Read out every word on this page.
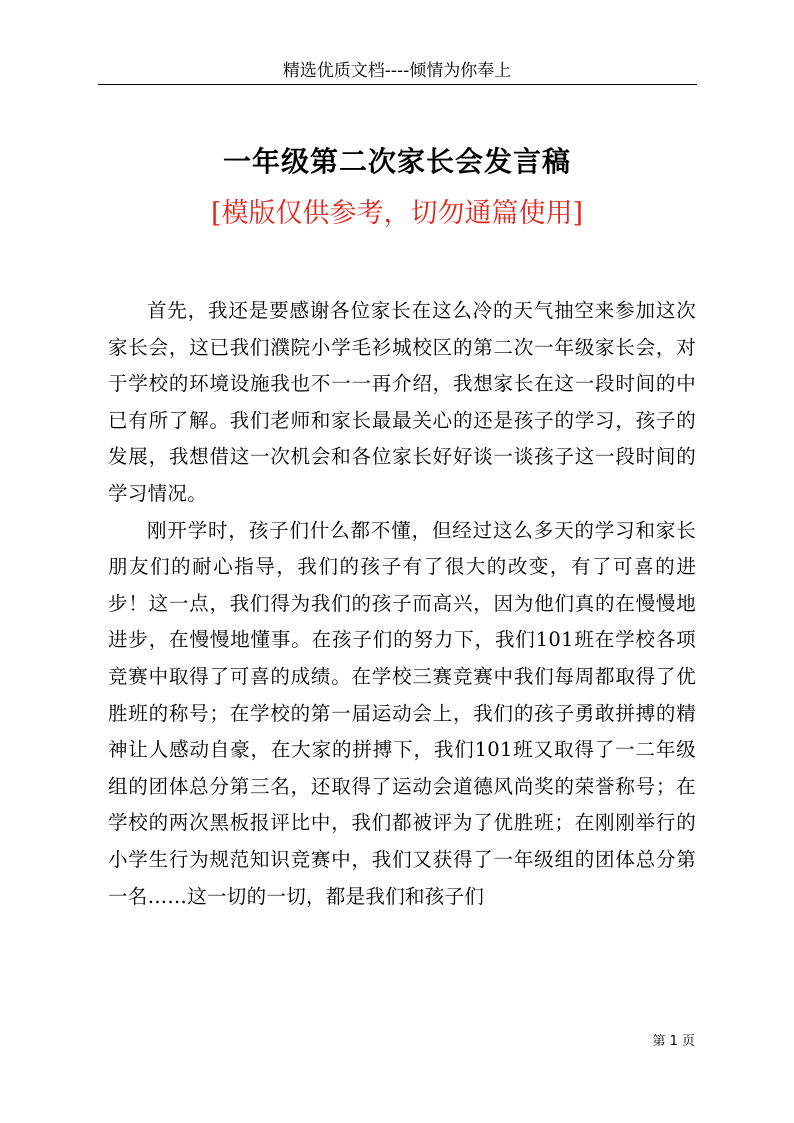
精选优质文档----倾情为你奉上
一年级第二次家长会发言稿
[模版仅供参考，切勿通篇使用]

首先，我还是要感谢各位家长在这么冷的天气抽空来参加这次家长会，这已我们濮院小学毛衫城校区的第二次一年级家长会，对于学校的环境设施我也不一一再介绍，我想家长在这一段时间的中已有所了解。我们老师和家长最最关心的还是孩子的学习，孩子的发展，我想借这一次机会和各位家长好好谈一谈孩子这一段时间的学习情况。

刚开学时，孩子们什么都不懂，但经过这么多天的学习和家长朋友们的耐心指导，我们的孩子有了很大的改变，有了可喜的进步！这一点，我们得为我们的孩子而高兴，因为他们真的在慢慢地进步，在慢慢地懂事。在孩子们的努力下，我们101班在学校各项竞赛中取得了可喜的成绩。在学校三赛竞赛中我们每周都取得了优胜班的称号；在学校的第一届运动会上，我们的孩子勇敢拼搏的精神让人感动自豪，在大家的拼搏下，我们101班又取得了一二年级组的团体总分第三名，还取得了运动会道德风尚奖的荣誉称号；在学校的两次黑板报评比中，我们都被评为了优胜班；在刚刚举行的小学生行为规范知识竞赛中，我们又获得了一年级组的团体总分第一名……这一切的一切，都是我们和孩子们

第 1 页
